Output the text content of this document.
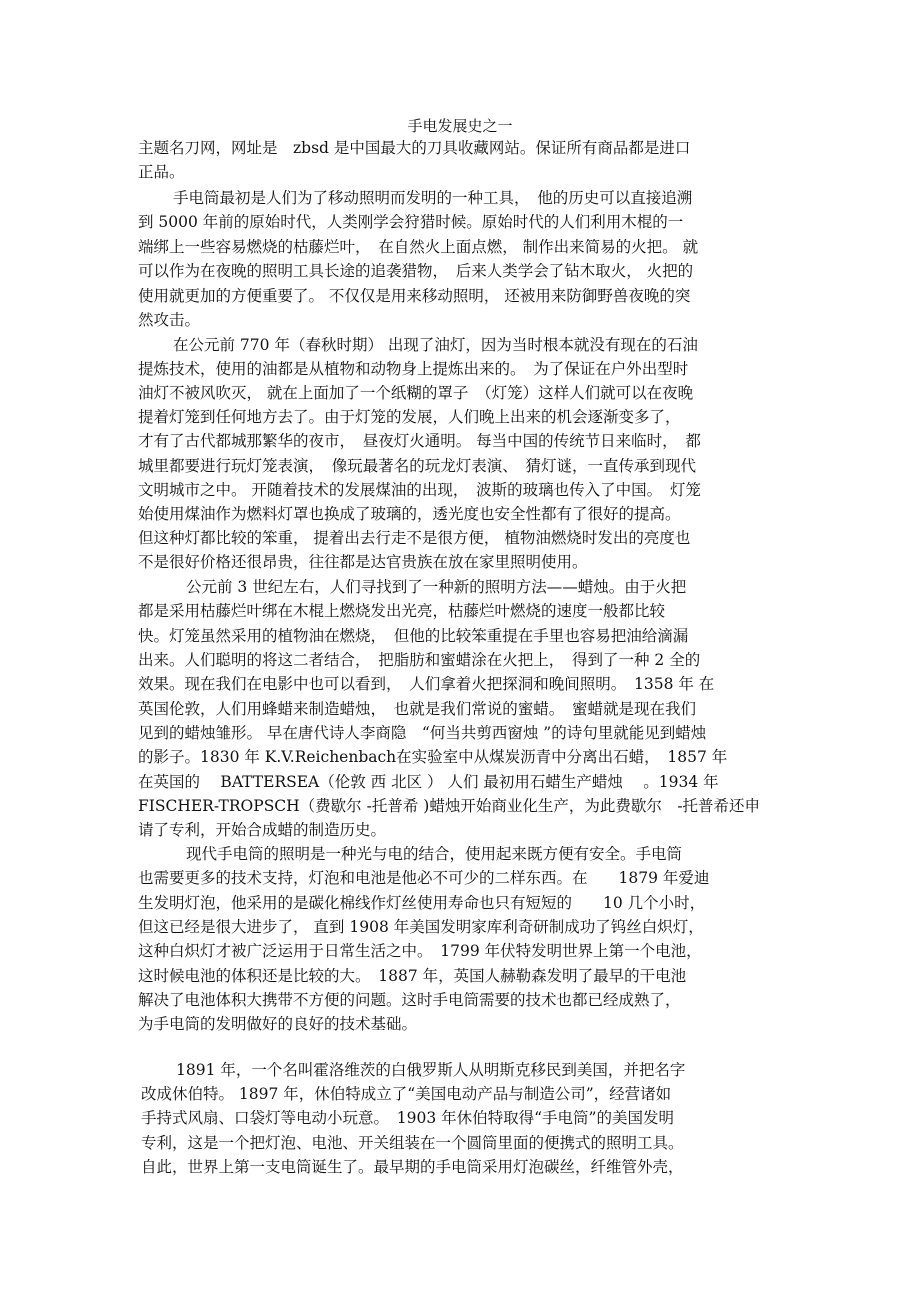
手电发展史之一
主题名刀网，网址是　zbsd 是中国最大的刀具收藏网站。保证所有商品都是进口
正品。
手电筒最初是人们为了移动照明而发明的一种工具，　他的历史可以直接追溯
到 5000 年前的原始时代，人类刚学会狩猎时候。原始时代的人们利用木棍的一
端绑上一些容易燃烧的枯藤烂叶，　在自然火上面点燃， 制作出来简易的火把。 就
可以作为在夜晚的照明工具长途的追袭猎物，　后来人类学会了钻木取火， 火把的
使用就更加的方便重要了。 不仅仅是用来移动照明， 还被用来防御野兽夜晚的突
然攻击。
在公元前 770 年（春秋时期） 出现了油灯，因为当时根本就没有现在的石油
提炼技术，使用的油都是从植物和动物身上提炼出来的。　为了保证在户外出型时
油灯不被风吹灭， 就在上面加了一个纸糊的罩子　（灯笼）这样人们就可以在夜晚
提着灯笼到任何地方去了。由于灯笼的发展，人们晚上出来的机会逐渐变多了，
才有了古代都城那繁华的夜市，　昼夜灯火通明。 每当中国的传统节日来临时，　都
城里都要进行玩灯笼表演，　像玩最著名的玩龙灯表演、　猜灯谜，一直传承到现代
文明城市之中。 开随着技术的发展煤油的出现，　波斯的玻璃也传入了中国。　灯笼
始使用煤油作为燃料灯罩也换成了玻璃的，透光度也安全性都有了很好的提高。
但这种灯都比较的笨重， 提着出去行走不是很方便， 植物油燃烧时发出的亮度也
不是很好价格还很昂贵，往往都是达官贵族在放在家里照明使用。
公元前 3 世纪左右，人们寻找到了一种新的照明方法——蜡烛。由于火把
都是采用枯藤烂叶绑在木棍上燃烧发出光亮，枯藤烂叶燃烧的速度一般都比较
快。灯笼虽然采用的植物油在燃烧，　但他的比较笨重提在手里也容易把油给滴漏
出来。人们聪明的将这二者结合，　把脂肪和蜜蜡涂在火把上，　得到了一种 2 全的
效果。现在我们在电影中也可以看到，　人们拿着火把探洞和晚间照明。　1358 年 在
英国伦敦，人们用蜂蜡来制造蜡烛，　也就是我们常说的蜜蜡。　蜜蜡就是现在我们
见到的蜡烛雏形。 早在唐代诗人李商隐　“何当共剪西窗烛 ”的诗句里就能见到蜡烛
的影子。1830 年 K.V.Reichenbach在实验室中从煤炭沥青中分离出石蜡，　1857 年
在英国的　 BATTERSEA（伦敦 西 北区 ） 人们 最初用石蜡生产蜡烛　 。1934 年
FISCHER-TROPSCH（费歇尔 -托普希 )蜡烛开始商业化生产，为此费歇尔　-托普希还申
请了专利，开始合成蜡的制造历史。
现代手电筒的照明是一种光与电的结合，使用起来既方便有安全。手电筒
也需要更多的技术支持，灯泡和电池是他必不可少的二样东西。在　　1879 年爱迪
生发明灯泡，他采用的是碳化棉线作灯丝使用寿命也只有短短的　　10 几个小时，
但这已经是很大进步了， 直到 1908 年美国发明家库利奇研制成功了钨丝白炽灯，
这种白炽灯才被广泛运用于日常生活之中。　1799 年伏特发明世界上第一个电池，
这时候电池的体积还是比较的大。　1887 年，英国人赫勒森发明了最早的干电池
解决了电池体积大携带不方便的问题。这时手电筒需要的技术也都已经成熟了，
为手电筒的发明做好的良好的技术基础。
1891 年，一个名叫霍洛维茨的白俄罗斯人从明斯克移民到美国，并把名字
改成休伯特。 1897 年，休伯特成立了“美国电动产品与制造公司”，经营诸如
手持式风扇、口袋灯等电动小玩意。　1903 年休伯特取得“手电筒”的美国发明
专利，这是一个把灯泡、电池、开关组装在一个圆筒里面的便携式的照明工具。
自此，世界上第一支电筒诞生了。最早期的手电筒采用灯泡碳丝，纤维管外壳，
